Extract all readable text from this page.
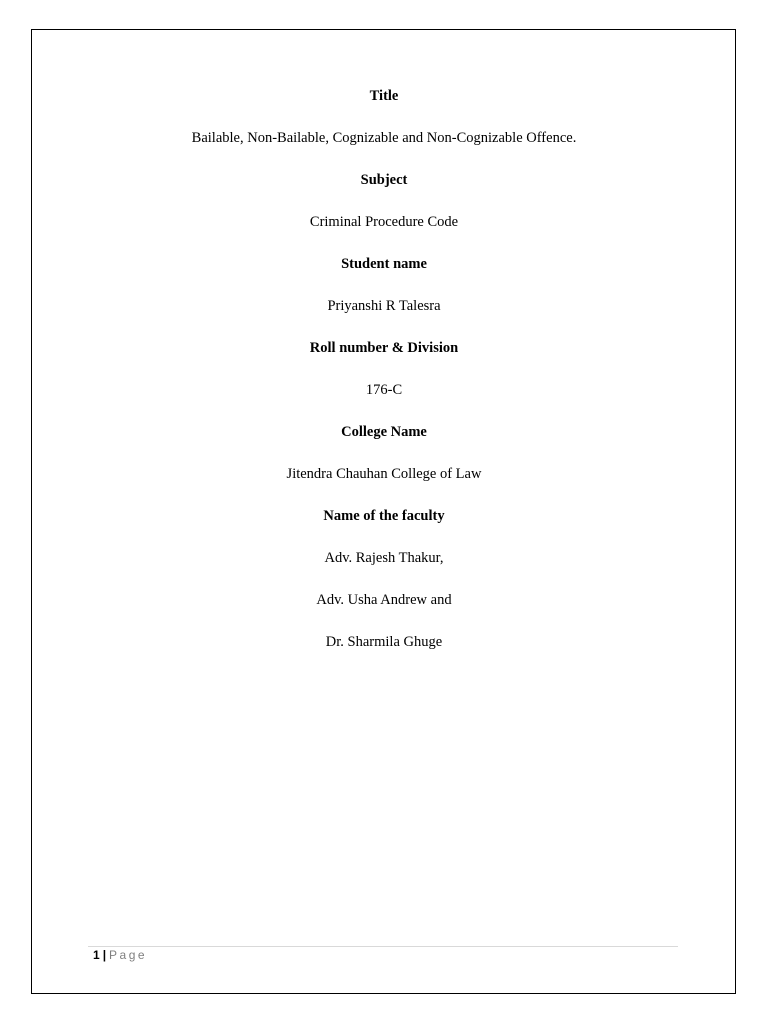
Title
Bailable, Non-Bailable, Cognizable and Non-Cognizable Offence.
Subject
Criminal Procedure Code
Student name
Priyanshi R Talesra
Roll number & Division
176-C
College Name
Jitendra Chauhan College of Law
Name of the faculty
Adv. Rajesh Thakur,
Adv. Usha Andrew and
Dr. Sharmila Ghuge
1 | Page
